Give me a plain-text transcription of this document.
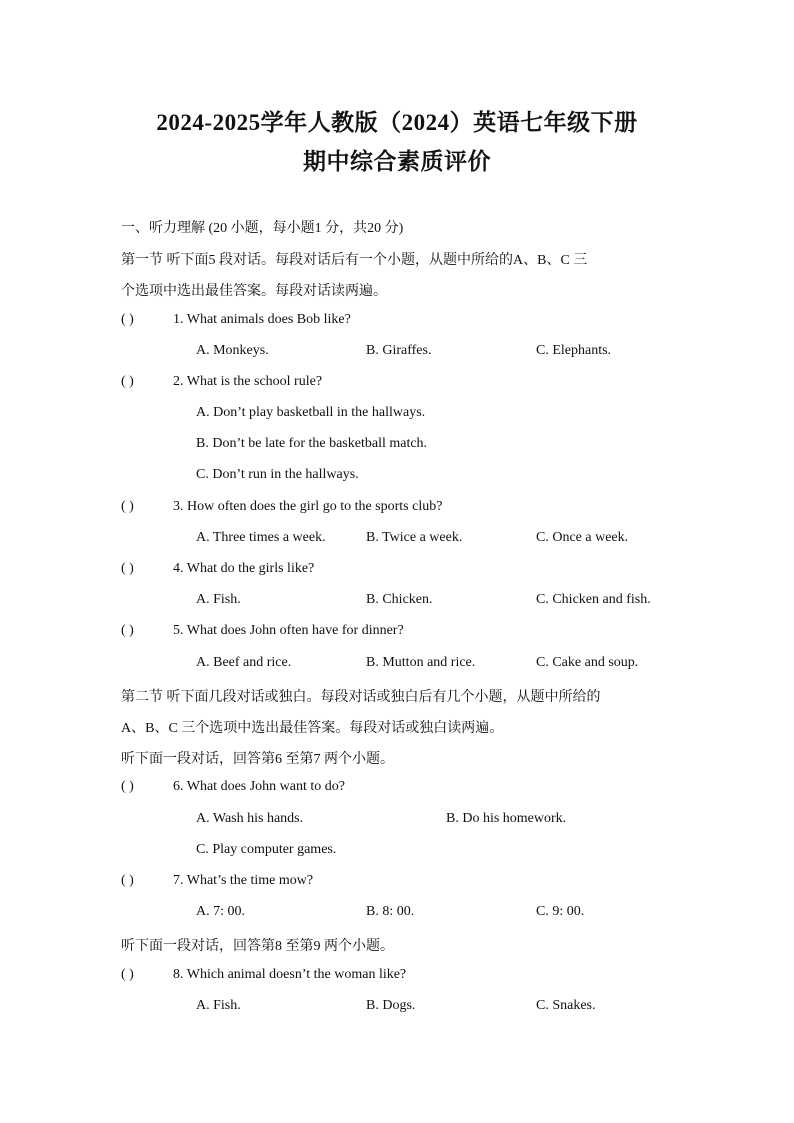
2024-2025学年人教版（2024）英语七年级下册
期中综合素质评价
一、听力理解 (20 小题，每小题1 分，共20 分)
第一节 听下面5 段对话。每段对话后有一个小题，从题中所给的A、B、C 三
个选项中选出最佳答案。每段对话读两遍。
( )	1. What animals does Bob like?
A. Monkeys.	B. Giraffes.	C. Elephants.
( )	2. What is the school rule?
A. Don’t play basketball in the hallways.
B. Don’t be late for the basketball match.
C. Don’t run in the hallways.
( )	3. How often does the girl go to the sports club?
A. Three times a week.	B. Twice a week.	C. Once a week.
( )	4. What do the girls like?
A. Fish.	B. Chicken.	C. Chicken and fish.
( )	5. What does John often have for dinner?
A. Beef and rice.	B. Mutton and rice.	C. Cake and soup.
第二节 听下面几段对话或独白。每段对话或独白后有几个小题，从题中所给的
A、B、C 三个选项中选出最佳答案。每段对话或独白读两遍。
听下面一段对话，回答第6 至第7 两个小题。
( )	6. What does John want to do?
A. Wash his hands.	B. Do his homework.
C. Play computer games.
( )	7. What’s the time mow?
A. 7: 00.	B. 8: 00.	C. 9: 00.
听下面一段对话，回答第8 至第9 两个小题。
( )	8. Which animal doesn’t the woman like?
A. Fish.	B. Dogs.	C. Snakes.
